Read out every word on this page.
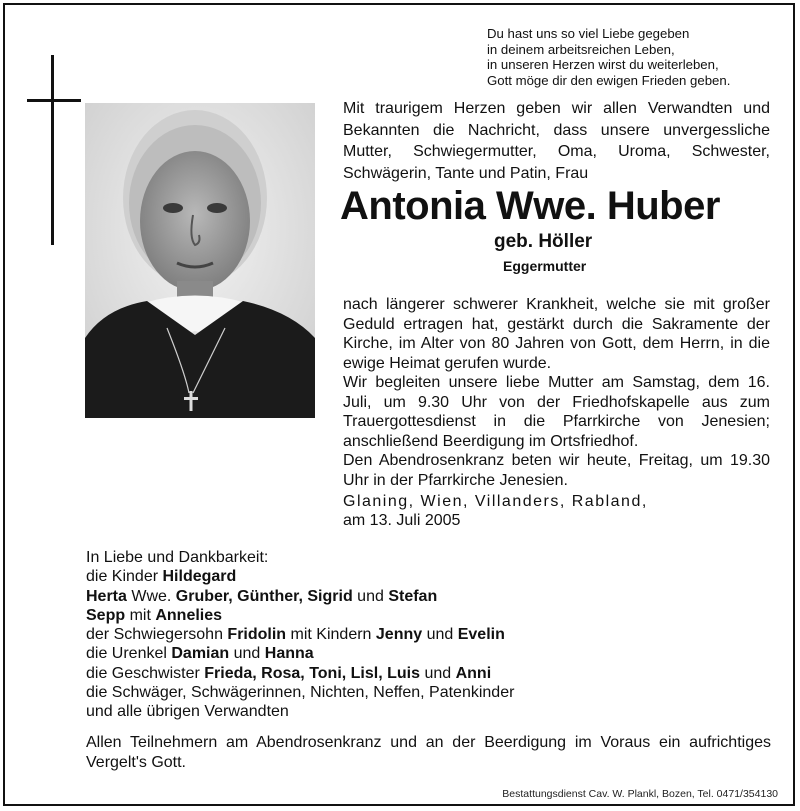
Du hast uns so viel Liebe gegeben
in deinem arbeitsreichen Leben,
in unseren Herzen wirst du weiterleben,
Gott möge dir den ewigen Frieden geben.
Mit traurigem Herzen geben wir allen Verwandten und Bekannten die Nachricht, dass unsere unvergessliche Mutter, Schwiegermutter, Oma, Uroma, Schwester, Schwägerin, Tante und Patin, Frau
Antonia Wwe. Huber
geb. Höller
Eggermutter
nach längerer schwerer Krankheit, welche sie mit großer Geduld ertragen hat, gestärkt durch die Sakramente der Kirche, im Alter von 80 Jahren von Gott, dem Herrn, in die ewige Heimat gerufen wurde.
Wir begleiten unsere liebe Mutter am Samstag, dem 16. Juli, um 9.30 Uhr von der Friedhofskapelle aus zum Trauergottesdienst in die Pfarrkirche von Jenesien; anschließend Beerdigung im Ortsfriedhof.
Den Abendrosenkranz beten wir heute, Freitag, um 19.30 Uhr in der Pfarrkirche Jenesien.
Glaning, Wien, Villanders, Rabland,
am 13. Juli 2005
In Liebe und Dankbarkeit:
die Kinder Hildegard
Herta Wwe. Gruber, Günther, Sigrid und Stefan
Sepp mit Annelies
der Schwiegersohn Fridolin mit Kindern Jenny und Evelin
die Urenkel Damian und Hanna
die Geschwister Frieda, Rosa, Toni, Lisl, Luis und Anni
die Schwäger, Schwägerinnen, Nichten, Neffen, Patenkinder
und alle übrigen Verwandten
Allen Teilnehmern am Abendrosenkranz und an der Beerdigung im Voraus ein aufrichtiges Vergelt's Gott.
Bestattungsdienst Cav. W. Plankl, Bozen, Tel. 0471/354130
